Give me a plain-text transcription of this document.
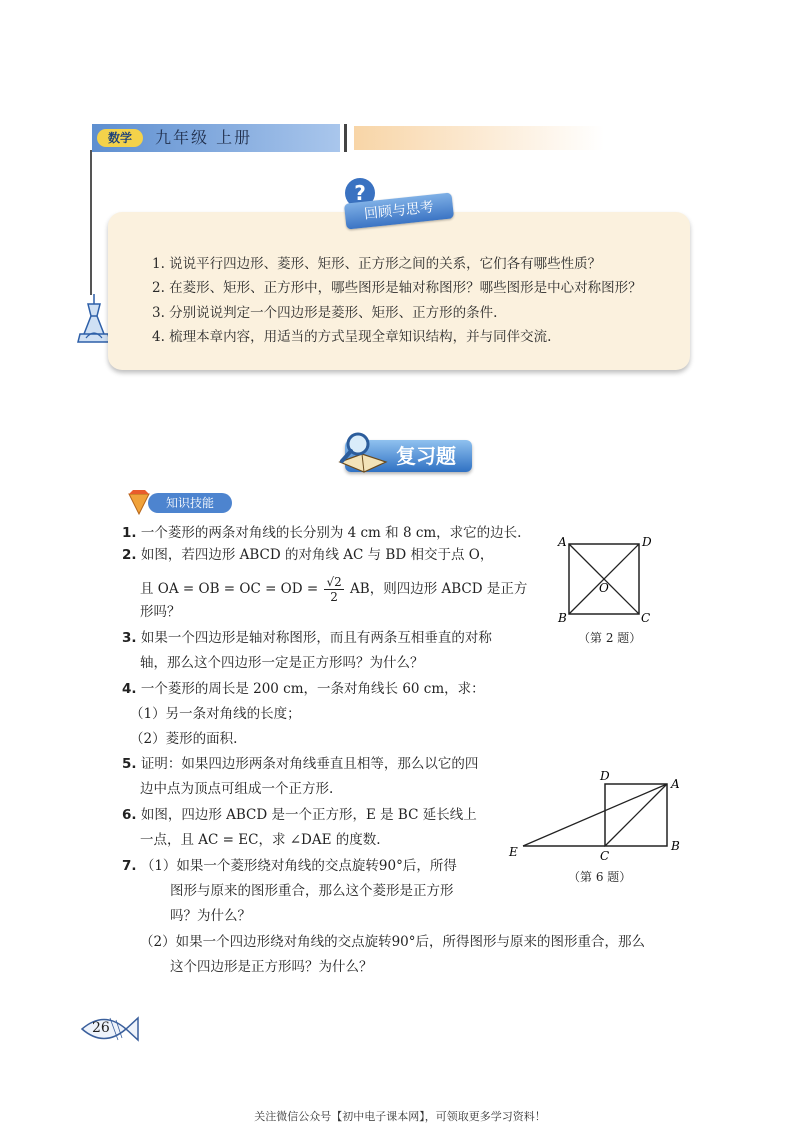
数学	九年级 上册
?
回顾与思考
1. 说说平行四边形、菱形、矩形、正方形之间的关系，它们各有哪些性质？
2. 在菱形、矩形、正方形中，哪些图形是轴对称图形？哪些图形是中心对称图形？
3. 分别说说判定一个四边形是菱形、矩形、正方形的条件.
4. 梳理本章内容，用适当的方式呈现全章知识结构，并与同伴交流.
复习题
知识技能
1. 一个菱形的两条对角线的长分别为 4 cm 和 8 cm，求它的边长.
2. 如图，若四边形 ABCD 的对角线 AC 与 BD 相交于点 O，
且 OA = OB = OC = OD = $\frac{√2}{2}$ AB，则四边形 ABCD 是正方
形吗？
3. 如果一个四边形是轴对称图形，而且有两条互相垂直的对称
轴，那么这个四边形一定是正方形吗？为什么？
4. 一个菱形的周长是 200 cm，一条对角线长 60 cm，求：
（1）另一条对角线的长度；
（2）菱形的面积.
5. 证明：如果四边形两条对角线垂直且相等，那么以它的四
边中点为顶点可组成一个正方形.
6. 如图，四边形 ABCD 是一个正方形，E 是 BC 延长线上
一点，且 AC = EC，求 ∠DAE 的度数.
7. （1）如果一个菱形绕对角线的交点旋转90°后，所得
图形与原来的图形重合，那么这个菱形是正方形
吗？为什么？
（2）如果一个四边形绕对角线的交点旋转90°后，所得图形与原来的图形重合，那么
这个四边形是正方形吗？为什么？
A	D
B	C
O
（第 2 题）
D
A
B
C
E
（第 6 题）
26
关注微信公众号【初中电子课本网】，可领取更多学习资料！
